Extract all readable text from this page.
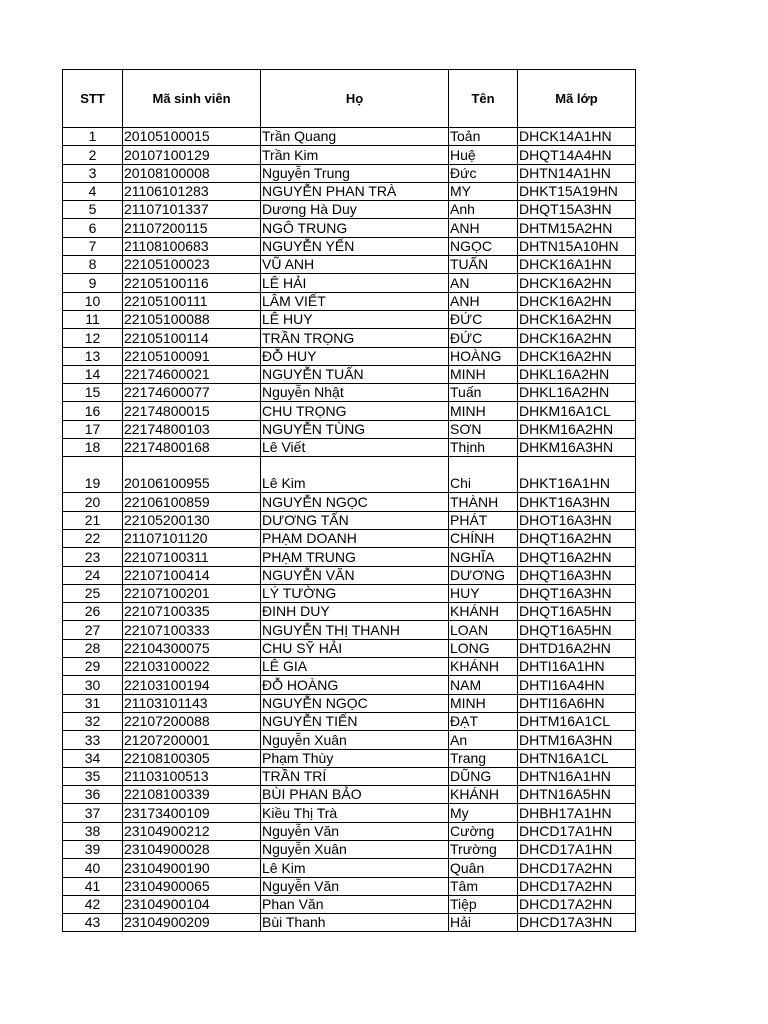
STT	Mã sinh viên	Họ	Tên	Mã lớp
1	20105100015	Trần Quang	Toản	DHCK14A1HN
2	20107100129	Trần Kim	Huệ	DHQT14A4HN
3	20108100008	Nguyễn Trung	Đức	DHTN14A1HN
4	21106101283	NGUYỄN PHAN TRÀ	MY	DHKT15A19HN
5	21107101337	Dương Hà Duy	Anh	DHQT15A3HN
6	21107200115	NGÔ TRUNG	ANH	DHTM15A2HN
7	21108100683	NGUYỄN YẾN	NGỌC	DHTN15A10HN
8	22105100023	VŨ ANH	TUẤN	DHCK16A1HN
9	22105100116	LÊ HẢI	AN	DHCK16A2HN
10	22105100111	LÂM VIẾT	ANH	DHCK16A2HN
11	22105100088	LÊ HUY	ĐỨC	DHCK16A2HN
12	22105100114	TRẦN TRỌNG	ĐỨC	DHCK16A2HN
13	22105100091	ĐỖ HUY	HOÀNG	DHCK16A2HN
14	22174600021	NGUYỄN TUẤN	MINH	DHKL16A2HN
15	22174600077	Nguyễn Nhật	Tuấn	DHKL16A2HN
16	22174800015	CHU TRỌNG	MINH	DHKM16A1CL
17	22174800103	NGUYỄN TÙNG	SƠN	DHKM16A2HN
18	22174800168	Lê Viết	Thịnh	DHKM16A3HN
19	20106100955	Lê Kim	Chi	DHKT16A1HN
20	22106100859	NGUYỄN NGỌC	THÀNH	DHKT16A3HN
21	22105200130	DƯƠNG TẤN	PHÁT	DHOT16A3HN
22	21107101120	PHẠM DOANH	CHÍNH	DHQT16A2HN
23	22107100311	PHẠM TRUNG	NGHĨA	DHQT16A2HN
24	22107100414	NGUYỄN VĂN	DƯƠNG	DHQT16A3HN
25	22107100201	LÝ TƯỜNG	HUY	DHQT16A3HN
26	22107100335	ĐINH DUY	KHÁNH	DHQT16A5HN
27	22107100333	NGUYỄN THỊ THANH	LOAN	DHQT16A5HN
28	22104300075	CHU SỸ HẢI	LONG	DHTD16A2HN
29	22103100022	LÊ GIA	KHÁNH	DHTI16A1HN
30	22103100194	ĐỖ HOÀNG	NAM	DHTI16A4HN
31	21103101143	NGUYỄN NGỌC	MINH	DHTI16A6HN
32	22107200088	NGUYỄN TIẾN	ĐẠT	DHTM16A1CL
33	21207200001	Nguyễn Xuân	An	DHTM16A3HN
34	22108100305	Phạm Thùy	Trang	DHTN16A1CL
35	21103100513	TRẦN TRÍ	DŨNG	DHTN16A1HN
36	22108100339	BÙI PHAN BẢO	KHÁNH	DHTN16A5HN
37	23173400109	Kiều Thị Trà	My	DHBH17A1HN
38	23104900212	Nguyễn Văn	Cường	DHCD17A1HN
39	23104900028	Nguyễn Xuân	Trường	DHCD17A1HN
40	23104900190	Lê Kim	Quân	DHCD17A2HN
41	23104900065	Nguyễn Văn	Tâm	DHCD17A2HN
42	23104900104	Phan Văn	Tiệp	DHCD17A2HN
43	23104900209	Bùi Thanh	Hải	DHCD17A3HN
